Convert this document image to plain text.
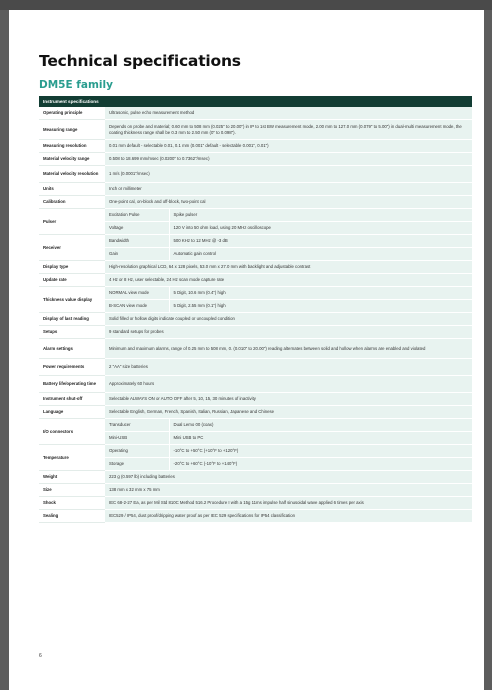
Technical specifications
DM5E family
Instrument specifications		
Operating principle	Ultrasonic, pulse echo measurement method	
Measuring range	Depends on probe and material; 0.60 mm to 508 mm (0.025" to 20.00") in IP to 1st BW measurement mode, 2.00 mm to 127.0 mm (0.079" to 5.00") in dual-multi measurement mode, the coating thickness range shall be 0.3 mm to 2.50 mm (0" to 0.098").	
Measuring resolution	0.01 mm default - selectable 0.01, 0.1 mm (0.001" default - selectable 0.001", 0.01")	
Material velocity range	0.508 to 18.699 mm/msec (0.0200" to 0.7362"/msec)	
Material velocity resolution	1 m/s (0.0001"/msec)	
Units	Inch or millimeter	
Calibration	One-point cal, on-block and off-block, two-point cal	
Pulser	Excitation Pulse	Spike pulser
	Voltage	120 V into 50 ohm load, using 20 MHz oscilloscope
Receiver	Bandwidth	500 KHz to 12 MHz @ -3 dB
	Gain	Automatic gain control
Display type	High-resolution graphical LCD, 64 x 128 pixels, 53.0 mm x 27.0 mm with backlight and adjustable contrast	
Update rate	4 Hz or 8 Hz, user selectable, 24 Hz scan mode capture rate	
Thickness value display	NORMAL view mode	5 Digit, 10.6 mm (0.4") high
	B-SCAN view mode	5 Digit, 2.55 mm (0.1") high
Display of last reading	Solid filled or hollow digits indicate coupled or uncoupled condition	
Setups	9 standard setups for probes	
Alarm settings	Minimum and maximum alarms, range of 0.25 mm to 508 mm, 0. (0.010" to 20.00") reading alternates between solid and hollow when alarms are enabled and violated	
Power requirements	2 "AA" size batteries	
Battery life/operating time	Approximately 60 hours	
Instrument shut-off	Selectable ALWAYS ON or AUTO OFF after 5, 10, 15, 30 minutes of inactivity	
Language	Selectable English, German, French, Spanish, Italian, Russian, Japanese and Chinese	
I/O connectors	Transducer	Dual Lemo 00 (coax)
	Mini-USB	Mini USB to PC
Temperature	Operating	-10°C to +50°C (+10°F to +120°F)
	Storage	-20°C to +60°C (-10°F to +140°F)
Weight	223 g (0.597 lb) including batteries	
Size	138 mm x 32 mm x 75 mm	
Shock	IEC 68-2-27 Ea, as per Mil Std 810C Method 516.2 Procedure I with a 15g 11ms impulse half sinusoidal wave applied 6 times per axis	
Sealing	IEC529 / IP54, dust proof/dripping water proof as per IEC 529 specifications for IP54 classification	
6
